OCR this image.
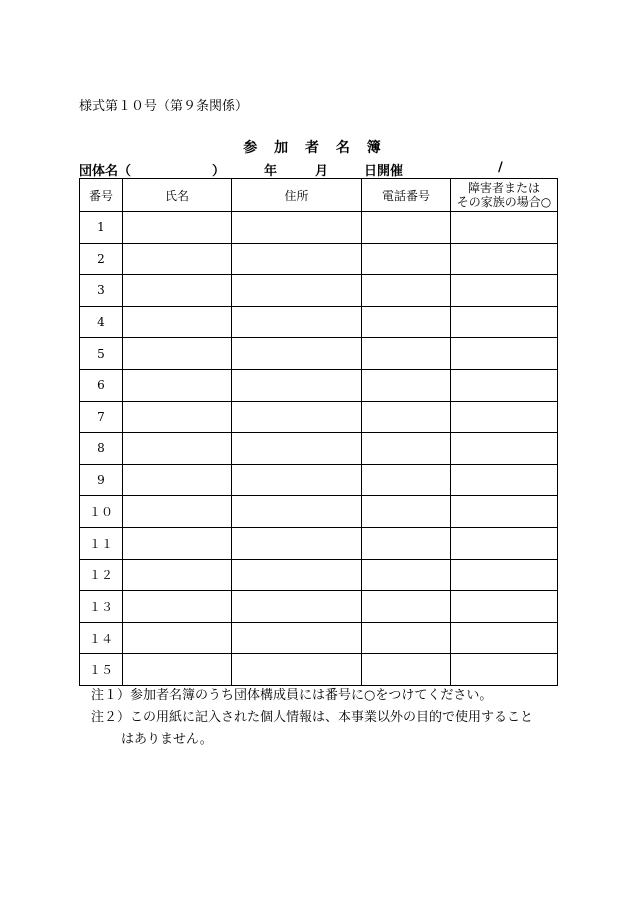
様式第１０号（第９条関係）
参 加 者 名 簿
団体名（	）	年	月	日開催	/
番号	氏名	住所	電話番号	障害者または
その家族の場合○
1				
2				
3				
4				
5				
6				
7				
8				
9				
１０				
１１				
１２				
１３				
１４				
１５				
注１）参加者名簿のうち団体構成員には番号に○をつけてください。
注２）この用紙に記入された個人情報は、本事業以外の目的で使用すること
はありません。
